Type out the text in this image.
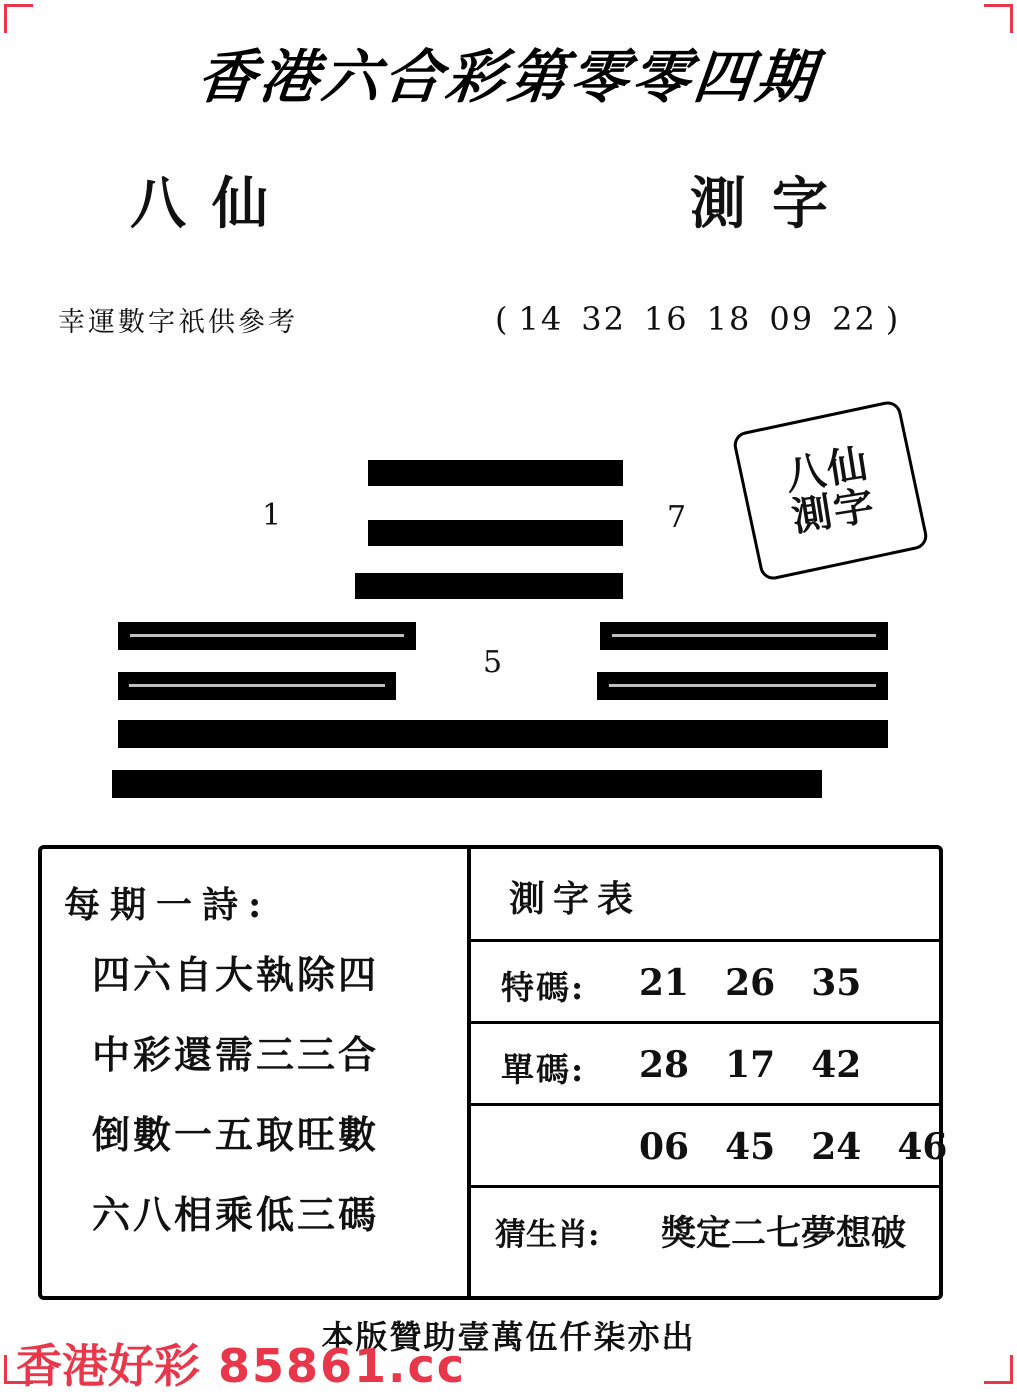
香港六合彩第零零四期
八仙	測字
幸運數字祇供參考	( 14 32 16 18 09 22 )
1	7
5
八仙
測字
每期一詩:
四六自大執除四
中彩還需三三合
倒數一五取旺數
六八相乘低三碼
測字表
特碼: 21 26 35
單碼: 28 17 42
06 45 24 46
猜生肖: 獎定二七夢想破
本版贊助壹萬伍仟柒亦出
香港好彩 85861.cc
